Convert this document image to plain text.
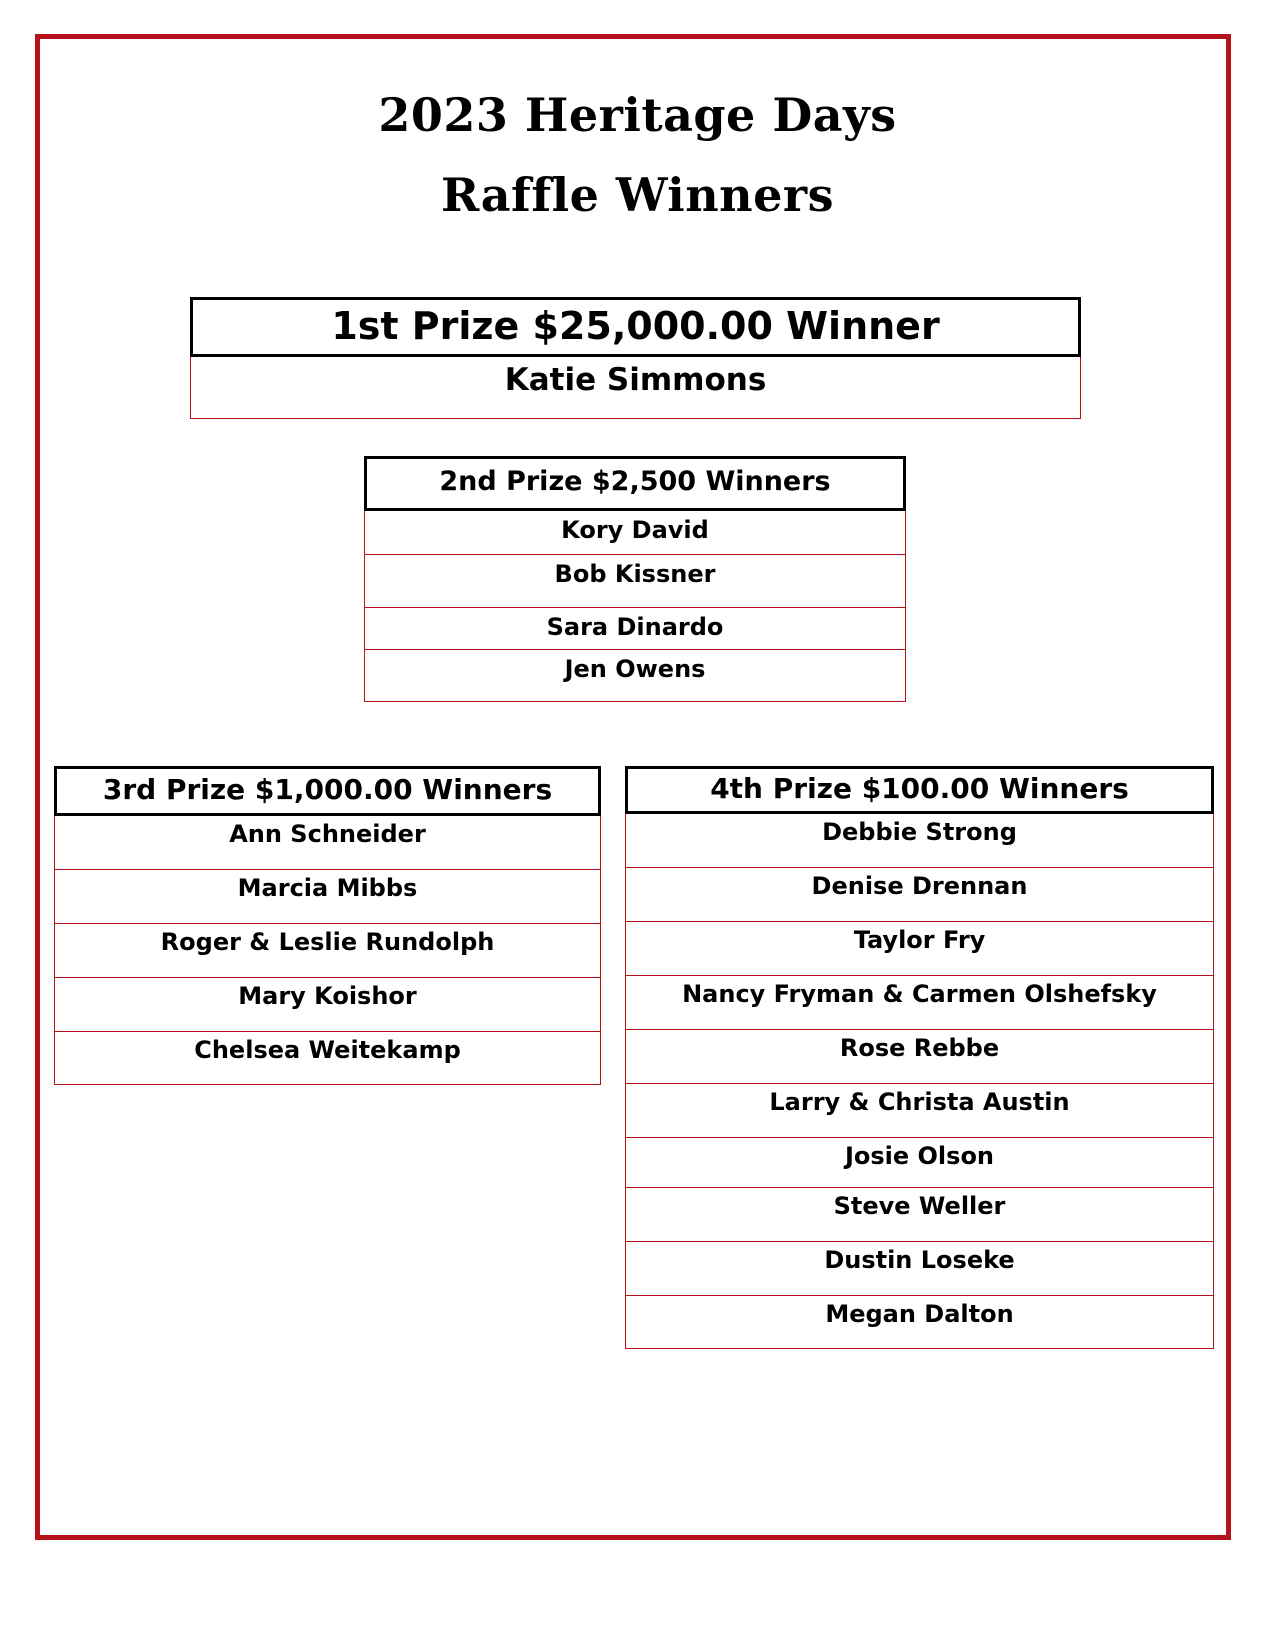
2023 Heritage Days
Raffle Winners
1st Prize $25,000.00 Winner
Katie Simmons
2nd Prize $2,500 Winners
Kory David
Bob Kissner
Sara Dinardo
Jen Owens
3rd Prize $1,000.00 Winners
Ann Schneider
Marcia Mibbs
Roger & Leslie Rundolph
Mary Koishor
Chelsea Weitekamp
4th Prize $100.00 Winners
Debbie Strong
Denise Drennan
Taylor Fry
Nancy Fryman & Carmen Olshefsky
Rose Rebbe
Larry & Christa Austin
Josie Olson
Steve Weller
Dustin Loseke
Megan Dalton
